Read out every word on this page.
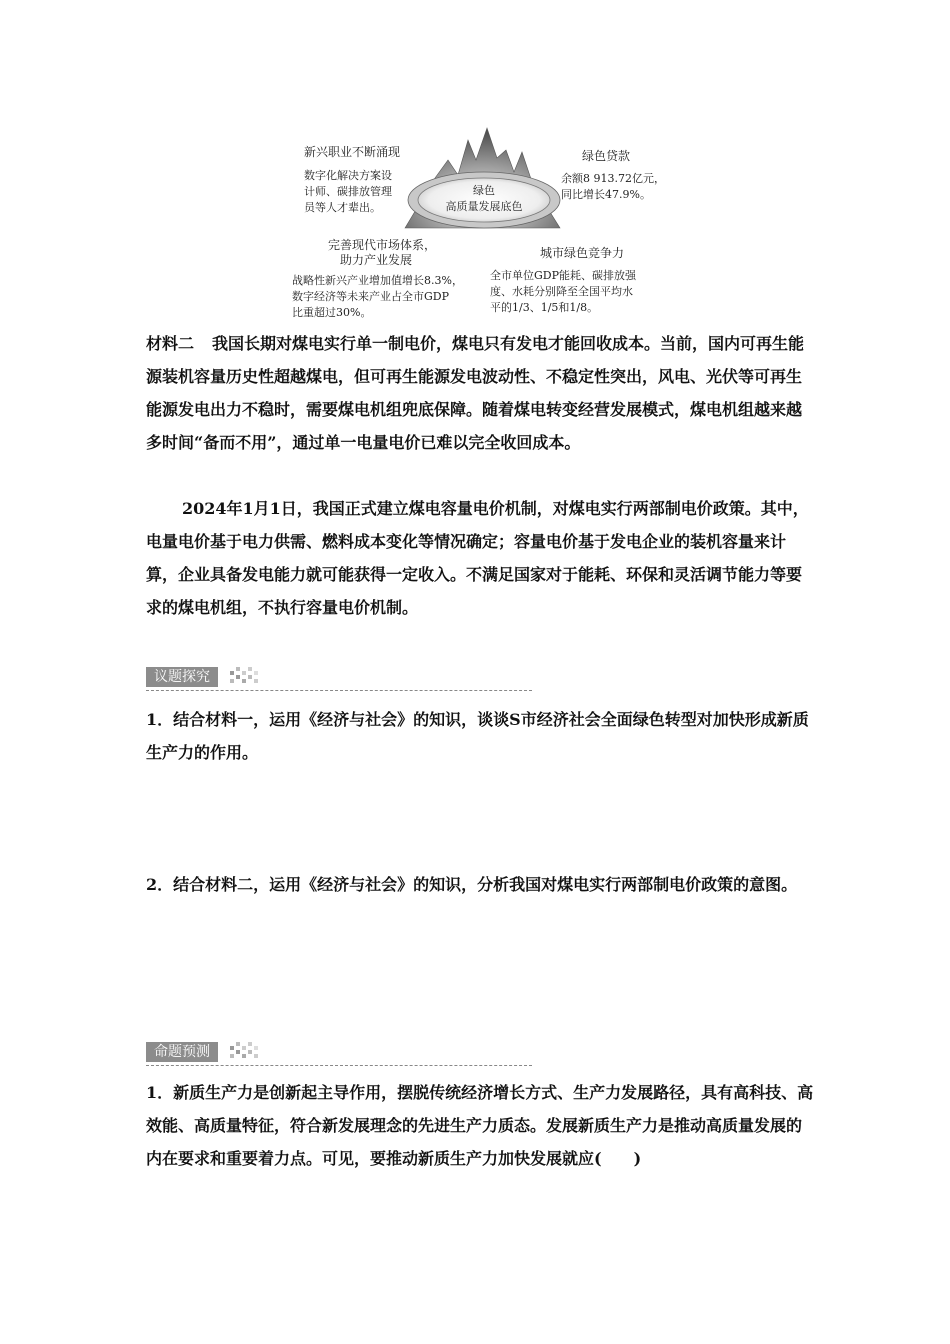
绿色
高质量发展底色
新兴职业不断涌现
数字化解决方案设
计师、碳排放管理
员等人才辈出。
绿色贷款
余额8 913.72亿元，
同比增长47.9%。
完善现代市场体系，
助力产业发展
战略性新兴产业增加值增长8.3%，
数字经济等未来产业占全市GDP
比重超过30%。
城市绿色竞争力
全市单位GDP能耗、碳排放强
度、水耗分别降至全国平均水
平的1/3、1/5和1/8。

材料二 我国长期对煤电实行单一制电价，煤电只有发电才能回收成本。当前，国内可再生能源装机容量历史性超越煤电，但可再生能源发电波动性、不稳定性突出，风电、光伏等可再生能源发电出力不稳时，需要煤电机组兜底保障。随着煤电转变经营发展模式，煤电机组越来越多时间“备而不用”，通过单一电量电价已难以完全收回成本。

2024年1月1日，我国正式建立煤电容量电价机制，对煤电实行两部制电价政策。其中，电量电价基于电力供需、燃料成本变化等情况确定；容量电价基于发电企业的装机容量来计算，企业具备发电能力就可能获得一定收入。不满足国家对于能耗、环保和灵活调节能力等要求的煤电机组，不执行容量电价机制。

议题探究

1．结合材料一，运用《经济与社会》的知识，谈谈S市经济社会全面绿色转型对加快形成新质生产力的作用。

2．结合材料二，运用《经济与社会》的知识，分析我国对煤电实行两部制电价政策的意图。

命题预测

1．新质生产力是创新起主导作用，摆脱传统经济增长方式、生产力发展路径，具有高科技、高效能、高质量特征，符合新发展理念的先进生产力质态。发展新质生产力是推动高质量发展的内在要求和重要着力点。可见，要推动新质生产力加快发展就应(　　)
